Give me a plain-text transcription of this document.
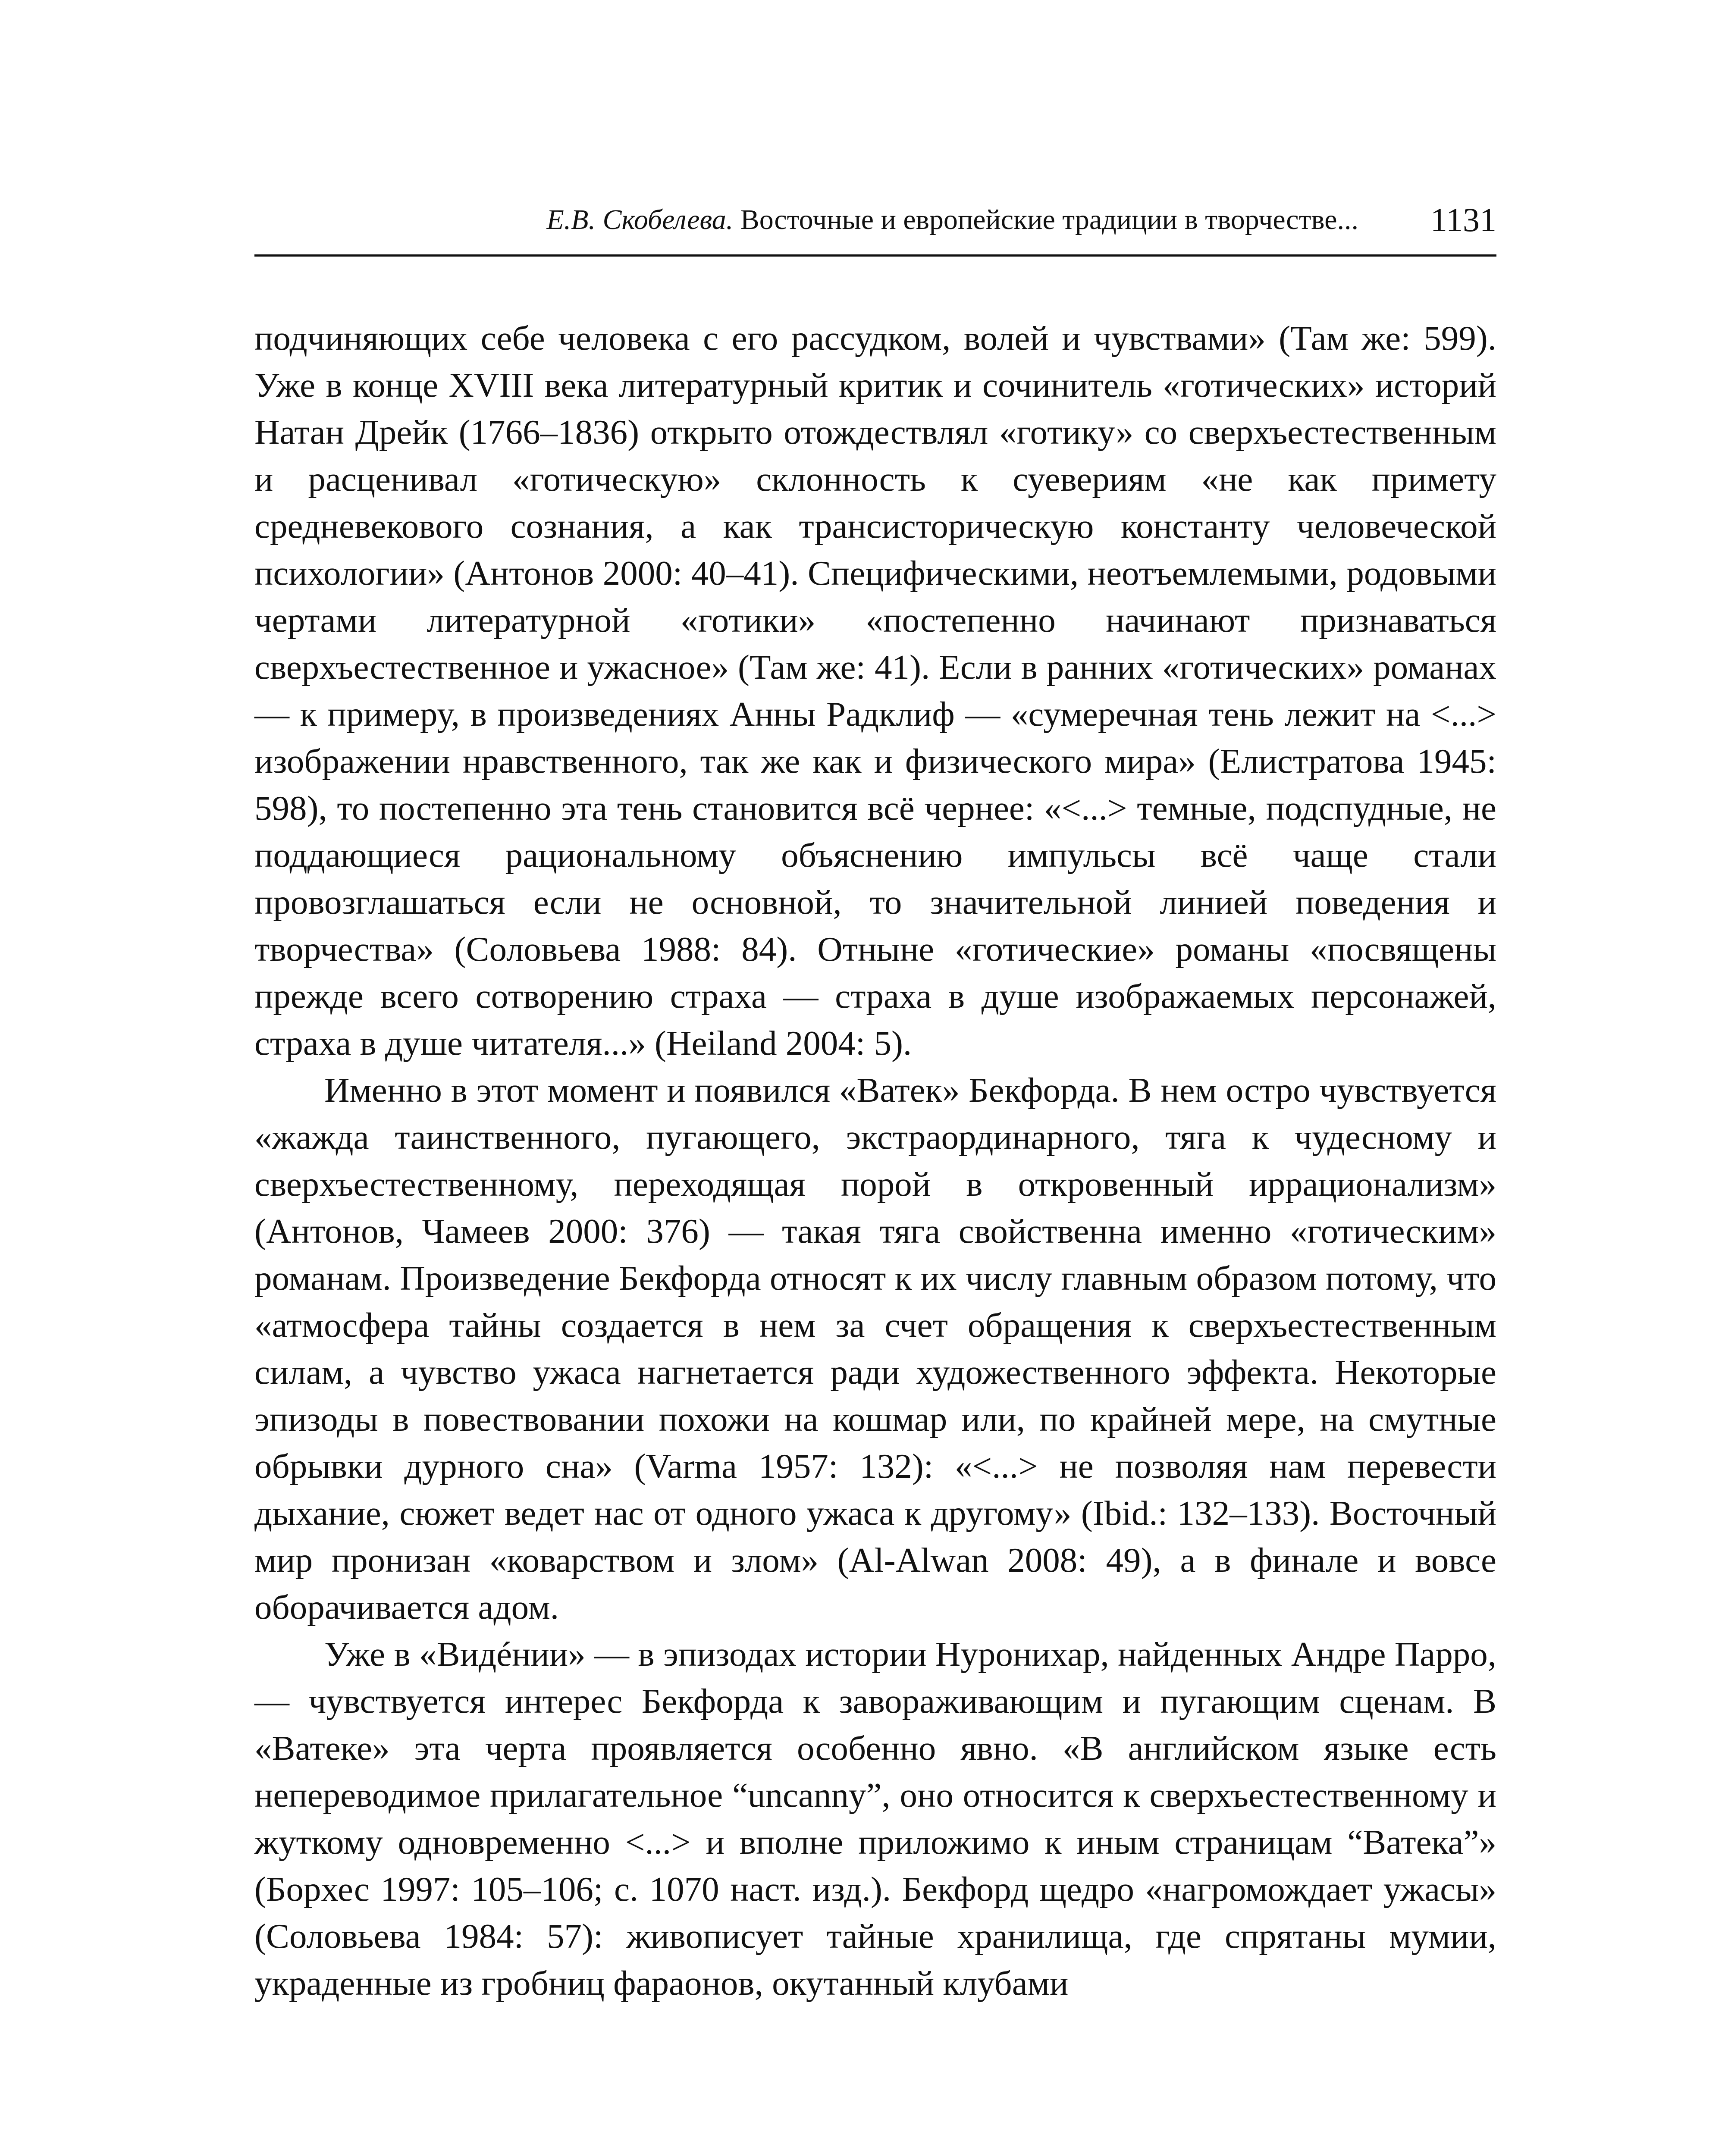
Е.В. Скобелева. Восточные и европейские традиции в творчестве... 1131

подчиняющих себе человека с его рассудком, волей и чувствами» (Там же: 599). Уже в конце XVIII века литературный критик и сочинитель «готических» историй Натан Дрейк (1766–1836) открыто отождествлял «готику» со сверхъестественным и расценивал «готическую» склонность к суевериям «не как примету средневекового сознания, а как трансисторическую константу человеческой психологии» (Антонов 2000: 40–41). Специфическими, неотъемлемыми, родовыми чертами литературной «готики» «постепенно начинают признаваться сверхъестественное и ужасное» (Там же: 41). Если в ранних «готических» романах — к примеру, в произведениях Анны Радклиф — «сумеречная тень лежит на <...> изображении нравственного, так же как и физического мира» (Елистратова 1945: 598), то постепенно эта тень становится всё чернее: «<...> темные, подспудные, не поддающиеся рациональному объяснению импульсы всё чаще стали провозглашаться если не основной, то значительной линией поведения и творчества» (Соловьева 1988: 84). Отныне «готические» романы «посвящены прежде всего сотворению страха — страха в душе изображаемых персонажей, страха в душе читателя...» (Heiland 2004: 5).

Именно в этот момент и появился «Ватек» Бекфорда. В нем остро чувствуется «жажда таинственного, пугающего, экстраординарного, тяга к чудесному и сверхъестественному, переходящая порой в откровенный иррационализм» (Антонов, Чамеев 2000: 376) — такая тяга свойственна именно «готическим» романам. Произведение Бекфорда относят к их числу главным образом потому, что «атмосфера тайны создается в нем за счет обращения к сверхъестественным силам, а чувство ужаса нагнетается ради художественного эффекта. Некоторые эпизоды в повествовании похожи на кошмар или, по крайней мере, на смутные обрывки дурного сна» (Varma 1957: 132): «<...> не позволяя нам перевести дыхание, сюжет ведет нас от одного ужаса к другому» (Ibid.: 132–133). Восточный мир пронизан «коварством и злом» (Al-Alwan 2008: 49), а в финале и вовсе оборачивается адом.

Уже в «Видéнии» — в эпизодах истории Нуронихар, найденных Андре Парро, — чувствуется интерес Бекфорда к завораживающим и пугающим сценам. В «Ватеке» эта черта проявляется особенно явно. «В английском языке есть непереводимое прилагательное “uncanny”, оно относится к сверхъестественному и жуткому одновременно <...> и вполне приложимо к иным страницам “Ватека”» (Борхес 1997: 105–106; с. 1070 наст. изд.). Бекфорд щедро «нагромождает ужасы» (Соловьева 1984: 57): живописует тайные хранилища, где спрятаны мумии, украденные из гробниц фараонов, окутанный клубами
